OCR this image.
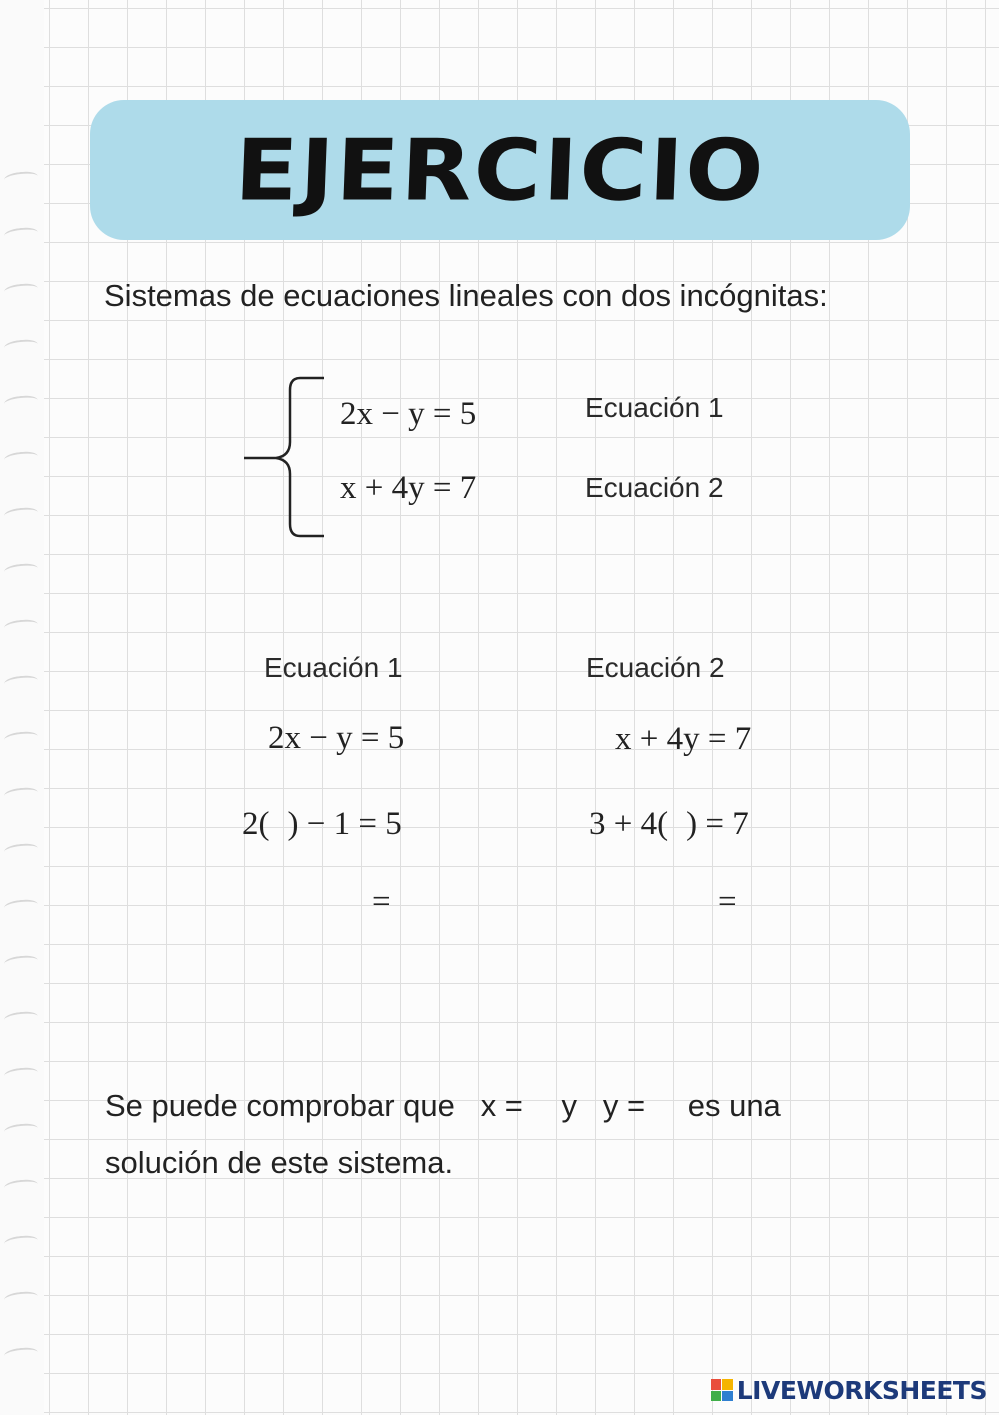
EJERCICIO
Sistemas de ecuaciones lineales con dos incógnitas:
2x − y = 5
x + 4y = 7
Ecuación 1
Ecuación 2
Ecuación 1
2x − y = 5
2( ) − 1 = 5
=
Ecuación 2
x + 4y = 7
3 + 4( ) = 7
=
Se puede comprobar que   x = y y = es una
solución de este sistema.
LIVEWORKSHEETS
